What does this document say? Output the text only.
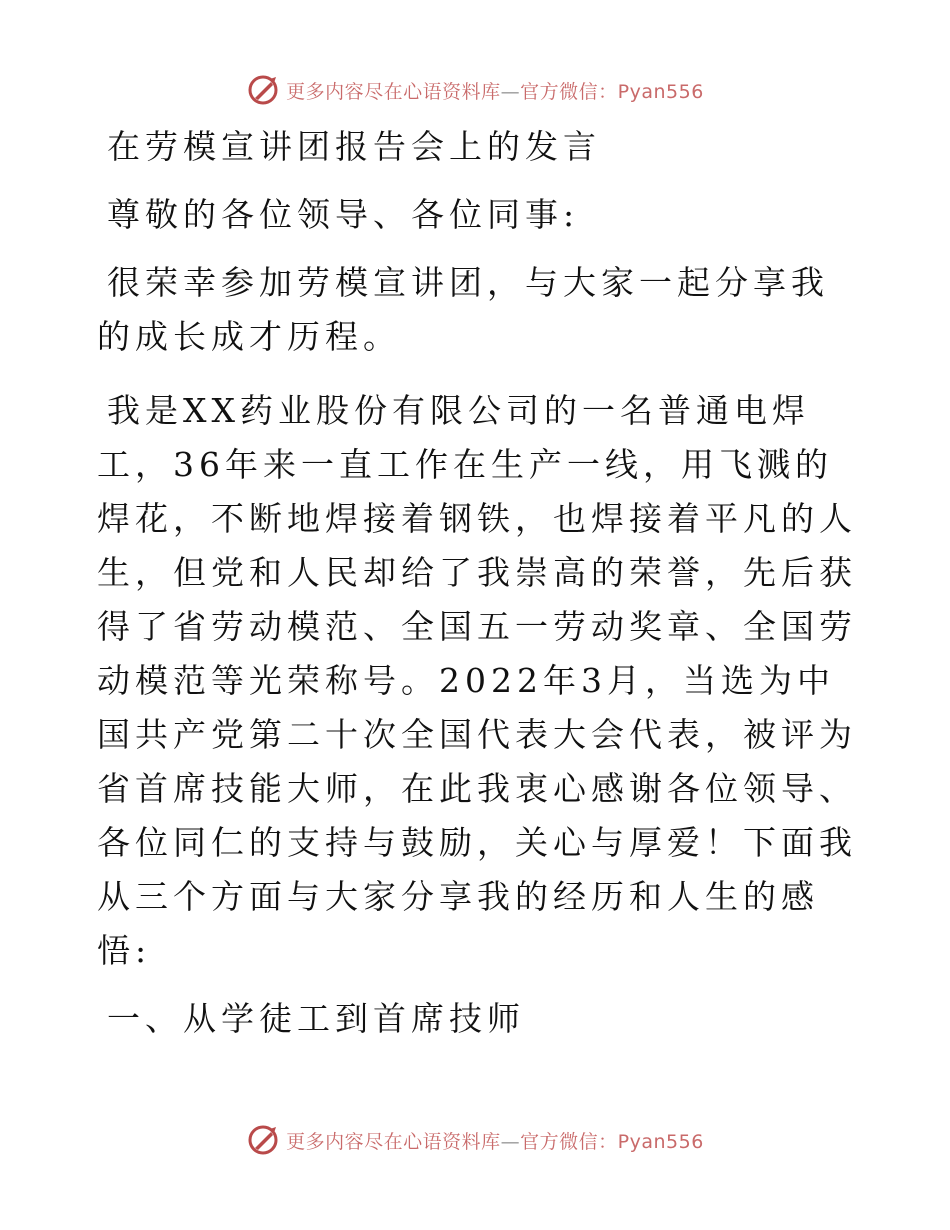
更多内容尽在心语资料库—官方微信：Pyan556
在劳模宣讲团报告会上的发言
尊敬的各位领导、各位同事:
很荣幸参加劳模宣讲团，与大家一起分享我的成长成才历程。
我是XX药业股份有限公司的一名普通电焊工，36年来一直工作在生产一线，用飞溅的焊花，不断地焊接着钢铁，也焊接着平凡的人生，但党和人民却给了我崇高的荣誉，先后获得了省劳动模范、全国五一劳动奖章、全国劳动模范等光荣称号。2022年3月，当选为中国共产党第二十次全国代表大会代表，被评为省首席技能大师，在此我衷心感谢各位领导、各位同仁的支持与鼓励，关心与厚爱！下面我从三个方面与大家分享我的经历和人生的感悟:
一、从学徒工到首席技师
更多内容尽在心语资料库—官方微信：Pyan556
